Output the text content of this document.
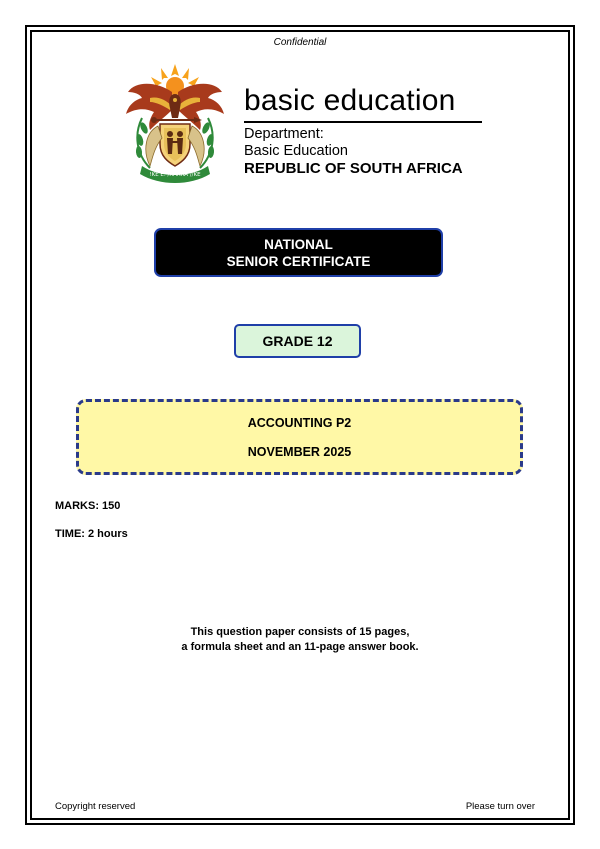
Confidential
!KE E: /XARRA //KE
basic education
Department:
Basic Education
REPUBLIC OF SOUTH AFRICA
NATIONAL
SENIOR CERTIFICATE
GRADE 12
ACCOUNTING P2
NOVEMBER 2025
MARKS: 150
TIME: 2 hours
This question paper consists of 15 pages,
a formula sheet and an 11-page answer book.
Copyright reserved	Please turn over
